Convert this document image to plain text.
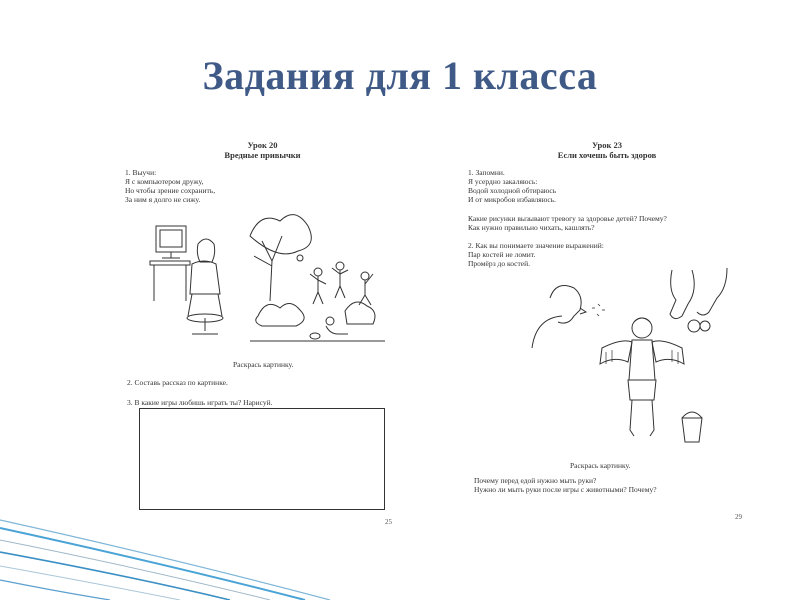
Задания для 1 класса
Урок 20
Вредные привычки
1. Выучи:
Я с компьютером дружу,
Но чтобы зрение сохранить,
За ним я долго не сижу.
Раскрась картинку.
2. Составь рассказ по картинке.
3. В какие игры любишь играть ты? Нарисуй.
25
Урок 23
Если хочешь быть здоров
1. Запомни.
Я усердно закаляюсь:
Водой холодной обтираюсь
И от микробов избавляюсь.
Какие рисунки вызывают тревогу за здоровье детей? Почему?
Как нужно правильно чихать, кашлять?
2. Как вы понимаете значение выражений:
Пар костей не ломит.
Промёрз до костей.
Раскрась картинку.
Почему перед едой нужно мыть руки?
Нужно ли мыть руки после игры с животными? Почему?
29
